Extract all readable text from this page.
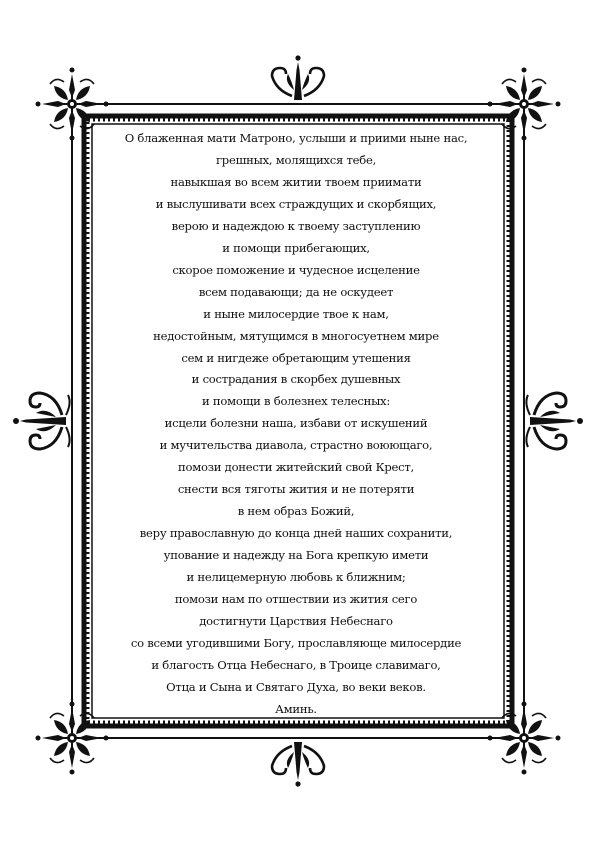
О блаженная мати Матроно, услыши и приими ныне нас,
грешных, молящихся тебе,
навыкшая во всем житии твоем приимати
и выслушивати всех страждущих и скорбящих,
верою и надеждою к твоему заступлению
и помощи прибегающих,
скорое поможение и чудесное исцеление
всем подавающи; да не оскудеет
и ныне милосердие твое к нам,
недостойным, мятущимся в многосуетнем мире
сем и нигдеже обретающим утешения
и сострадания в скорбех душевных
и помощи в болезнех телесных:
исцели болезни наша, избави от искушений
и мучительства диавола, страстно воюющаго,
помози донести житейский свой Крест,
снести вся тяготы жития и не потеряти
в нем образ Божий,
веру православную до конца дней наших сохранити,
упование и надежду на Бога крепкую имети
и нелицемерную любовь к ближним;
помози нам по отшествии из жития сего
достигнути Царствия Небеснаго
со всеми угодившими Богу, прославляюще милосердие
и благость Отца Небеснаго, в Троице славимаго,
Отца и Сына и Святаго Духа, во веки веков.
Аминь.
